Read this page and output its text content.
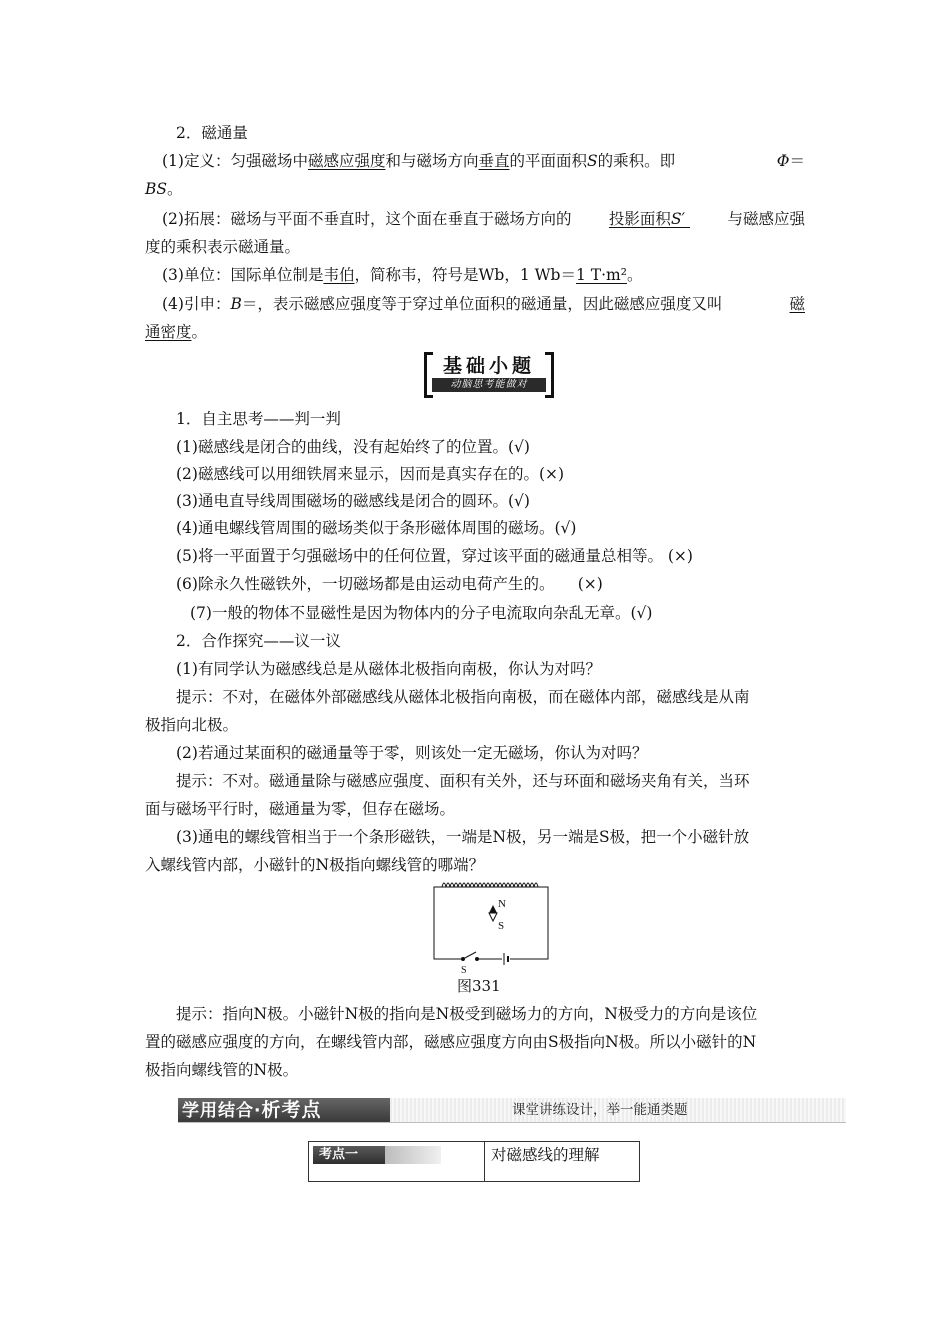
2．磁通量
(1)定义：匀强磁场中磁感应强度和与磁场方向垂直的平面面积S的乘积。即	Φ＝
BS。
(2)拓展：磁场与平面不垂直时，这个面在垂直于磁场方向的 投影面积S′	与磁感应强
度的乘积表示磁通量。
(3)单位：国际单位制是韦伯，简称韦，符号是Wb，1 Wb＝1 T·m²。
(4)引申：B＝，表示磁感应强度等于穿过单位面积的磁通量，因此磁感应强度又叫	磁
通密度。
基础小题
动脑思考能做对
1．自主思考——判一判
(1)磁感线是闭合的曲线，没有起始终了的位置。(√)
(2)磁感线可以用细铁屑来显示，因而是真实存在的。(×)
(3)通电直导线周围磁场的磁感线是闭合的圆环。(√)
(4)通电螺线管周围的磁场类似于条形磁体周围的磁场。(√)
(5)将一平面置于匀强磁场中的任何位置，穿过该平面的磁通量总相等。 (×)
(6)除永久性磁铁外，一切磁场都是由运动电荷产生的。　　(×)
(7)一般的物体不显磁性是因为物体内的分子电流取向杂乱无章。(√)
2．合作探究——议一议
(1)有同学认为磁感线总是从磁体北极指向南极，你认为对吗？
提示：不对，在磁体外部磁感线从磁体北极指向南极，而在磁体内部，磁感线是从南
极指向北极。
(2)若通过某面积的磁通量等于零，则该处一定无磁场，你认为对吗？
提示：不对。磁通量除与磁感应强度、面积有关外，还与环面和磁场夹角有关，当环
面与磁场平行时，磁通量为零，但存在磁场。
(3)通电的螺线管相当于一个条形磁铁，一端是N极，另一端是S极，把一个小磁针放
入螺线管内部，小磁针的N极指向螺线管的哪端？
N
S
S
图331
提示：指向N极。小磁针N极的指向是N极受到磁场力的方向，N极受力的方向是该位
置的磁感应强度的方向，在螺线管内部，磁感应强度方向由S极指向N极。所以小磁针的N
极指向螺线管的N极。
学用结合·析考点	课堂讲练设计，举一能通类题
考点一	对磁感线的理解
